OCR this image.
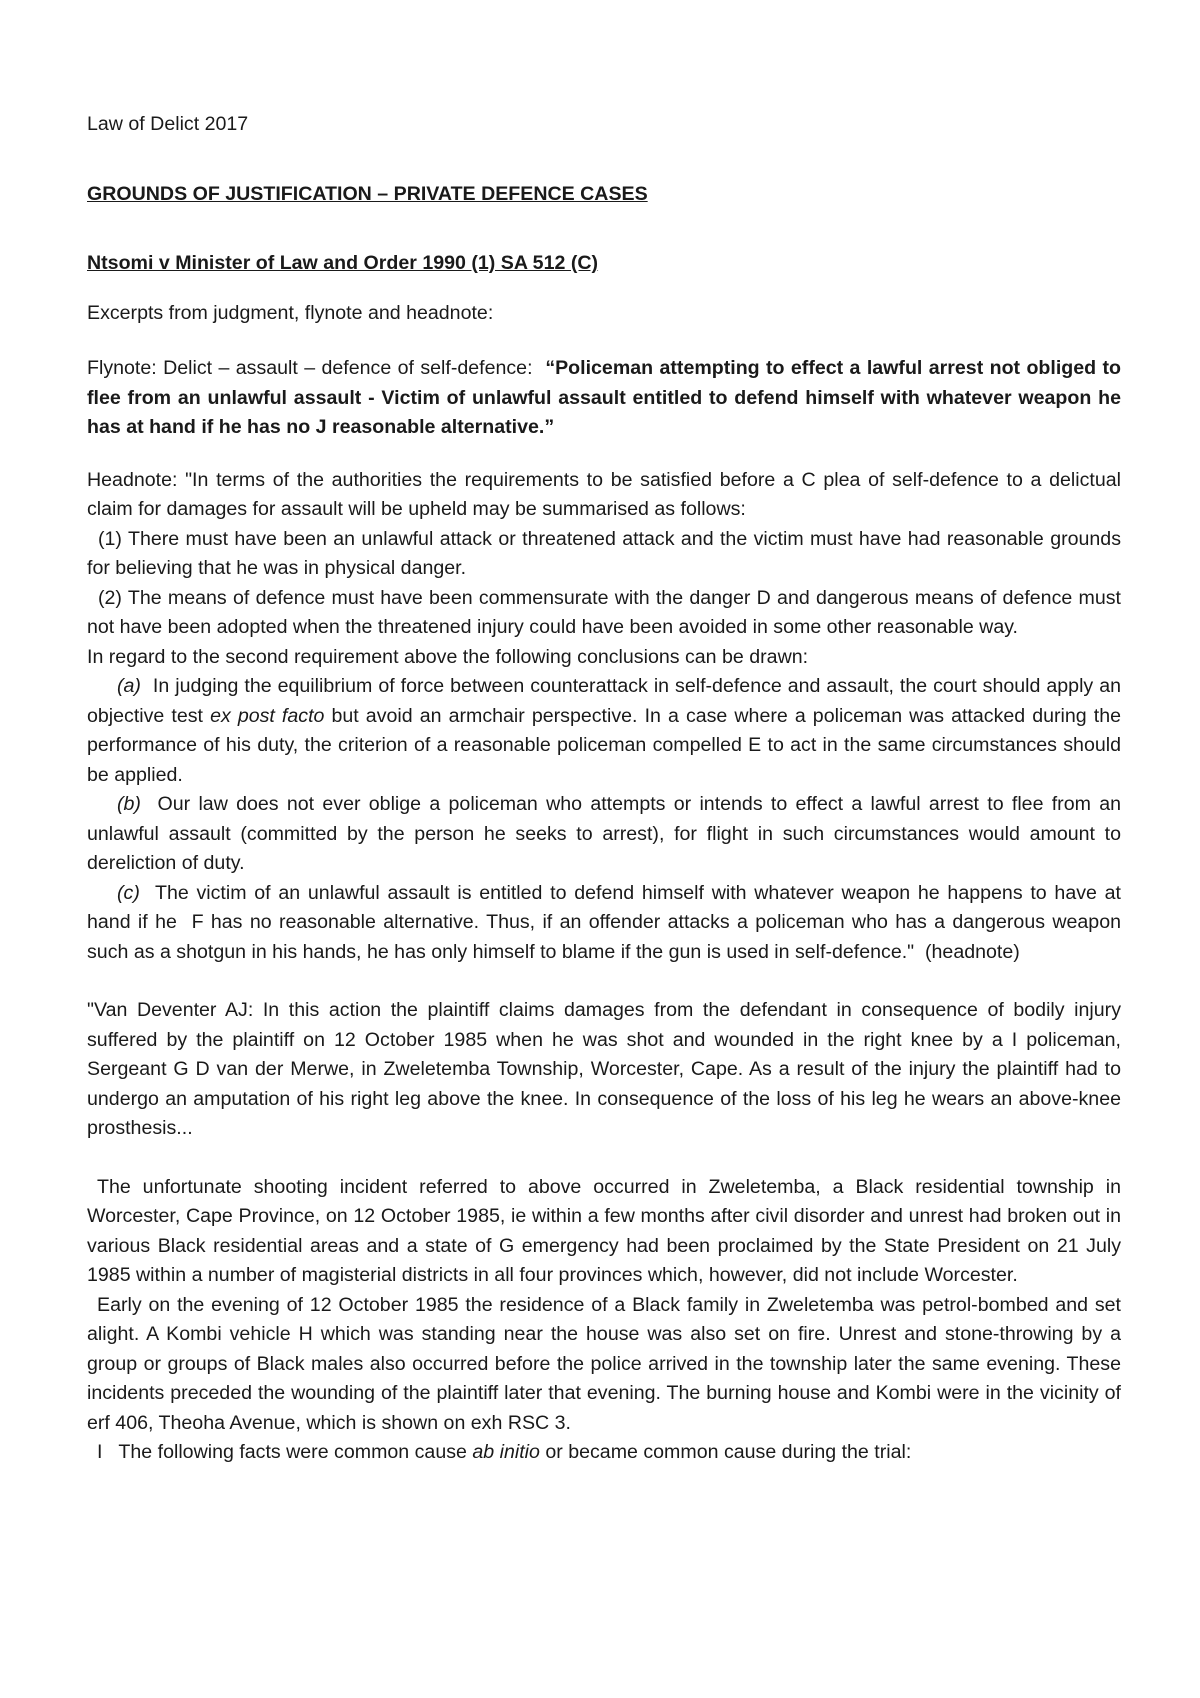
Law of Delict 2017

GROUNDS OF JUSTIFICATION – PRIVATE DEFENCE CASES

Ntsomi v Minister of Law and Order 1990 (1) SA 512 (C)

Excerpts from judgment, flynote and headnote:

Flynote: Delict – assault – defence of self-defence:  “Policeman attempting to effect a lawful arrest not obliged to flee from an unlawful assault - Victim of unlawful assault entitled to defend himself with whatever weapon he has at hand if he has no J reasonable alternative.”

Headnote: "In terms of the authorities the requirements to be satisfied before a C plea of self-defence to a delictual claim for damages for assault will be upheld may be summarised as follows:

(1) There must have been an unlawful attack or threatened attack and the victim must have had reasonable grounds for believing that he was in physical danger.

(2) The means of defence must have been commensurate with the danger D and dangerous means of defence must not have been adopted when the threatened injury could have been avoided in some other reasonable way.

In regard to the second requirement above the following conclusions can be drawn:

(a)  In judging the equilibrium of force between counterattack in self-defence and assault, the court should apply an objective test ex post facto but avoid an armchair perspective. In a case where a policeman was attacked during the performance of his duty, the criterion of a reasonable policeman compelled E to act in the same circumstances should be applied.

(b)  Our law does not ever oblige a policeman who attempts or intends to effect a lawful arrest to flee from an unlawful assault (committed by the person he seeks to arrest), for flight in such circumstances would amount to dereliction of duty.

(c)  The victim of an unlawful assault is entitled to defend himself with whatever weapon he happens to have at hand if he  F has no reasonable alternative. Thus, if an offender attacks a policeman who has a dangerous weapon such as a shotgun in his hands, he has only himself to blame if the gun is used in self-defence."  (headnote)

"Van Deventer AJ: In this action the plaintiff claims damages from the defendant in consequence of bodily injury suffered by the plaintiff on 12 October 1985 when he was shot and wounded in the right knee by a I policeman, Sergeant G D van der Merwe, in Zweletemba Township, Worcester, Cape. As a result of the injury the plaintiff had to undergo an amputation of his right leg above the knee. In consequence of the loss of his leg he wears an above-knee prosthesis...

The unfortunate shooting incident referred to above occurred in Zweletemba, a Black residential township in Worcester, Cape Province, on 12 October 1985, ie within a few months after civil disorder and unrest had broken out in various Black residential areas and a state of G emergency had been proclaimed by the State President on 21 July 1985 within a number of magisterial districts in all four provinces which, however, did not include Worcester.

Early on the evening of 12 October 1985 the residence of a Black family in Zweletemba was petrol-bombed and set alight. A Kombi vehicle H which was standing near the house was also set on fire. Unrest and stone-throwing by a group or groups of Black males also occurred before the police arrived in the township later the same evening. These incidents preceded the wounding of the plaintiff later that evening. The burning house and Kombi were in the vicinity of erf 406, Theoha Avenue, which is shown on exh RSC 3.

I   The following facts were common cause ab initio or became common cause during the trial:
